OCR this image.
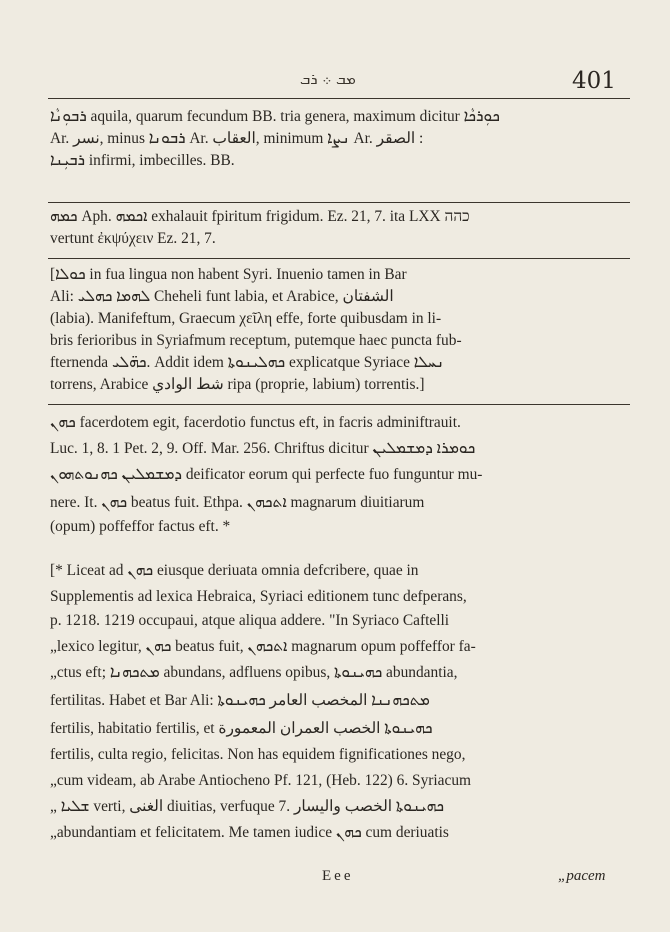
ܡܒ ܀ ܪܒ	401
ܪܒܘܼܢܵܐ aquila, quarum fecundum BB. tria genera, maximum dicitur ܟܘܼܪܟܵܐ
Ar. نسر, minus ܪܒܘܢܐ Ar. العقاب, minimum ܢܨܐ Ar. الصقر :
ܪܒܝܼܢܐ infirmi, imbecilles. BB.
ܟܡܗ Aph. ܐܟܡܗ exhalauit fpiritum frigidum. Ez. 21, 7. ita LXX כהה
vertunt ἐκψύχειν Ez. 21, 7.
[ܟܘܠܐ in fua lingua non habent Syri. Inuenio tamen in Bar
Ali: ܠܗܡܐ ܟܗܠܝ Cheheli funt labia, et Arabice, الشفتان
(labia). Manifeftum, Graecum χεῖλη effe, forte quibusdam in li-
bris ferioribus in Syriafmum receptum, putemque haec puncta fub-
fternenda ܟܗ̈ܠܝ. Addit idem ܟܗܠܝܢܘܬܐ explicatque Syriace ܢܚܠܐ
torrens, Arabice شط الوادي ripa (proprie, labium) torrentis.]
ܟܗܢ facerdotem egit, facerdotio functus eft, in facris adminiftrauit.
Luc. 1, 8. 1 Pet. 2, 9. Off. Mar. 256. Chriftus dicitur ܟܘܡܪܐ ܕܡܫܡܠܝܢ
ܕܡܫܡܠܝܢ ܟܗܢܘܬܗܘܢ deificator eorum qui perfecte fuo funguntur mu-
nere. It. ܟܗܢ beatus fuit. Ethpa. ܐܬܟܗܢ magnarum diuitiarum
(opum) poffeffor factus eft. *
[* Liceat ad ܟܗܢ eiusque deriuata omnia defcribere, quae in
Supplementis ad lexica Hebraica, Syriaci editionem tunc defperans,
p. 1218. 1219 occupaui, atque aliqua addere. "In Syriaco Caftelli
„lexico legitur, ܟܗܢ beatus fuit, ܐܬܟܗܢ magnarum opum poffeffor fa-
„ctus eft; ܡܬܟܗܢܐ abundans, adfluens opibus, ܟܗܝܢܘܬܐ abundantia,
fertilitas. Habet et Bar Ali: ܡܬܟܗܢܢܐ المخصب العامر ܟܗܝܢܘܬܐ
fertilis, habitatio fertilis, et ܟܗܝܢܘܬܐ الخصب العمران المعمورة
fertilis, culta regio, felicitas. Non has equidem fignificationes nego,
„cum videam, ab Arabe Antiocheno Pf. 121, (Heb. 122) 6. Syriacum
„ ܫܠܝܐ verti, الغنى diuitias, verfuque 7. ܟܗܝܢܘܬܐ الخصب واليسار
„abundantiam et felicitatem. Me tamen iudice ܟܗܢ cum deriuatis
Eee	„pacem
